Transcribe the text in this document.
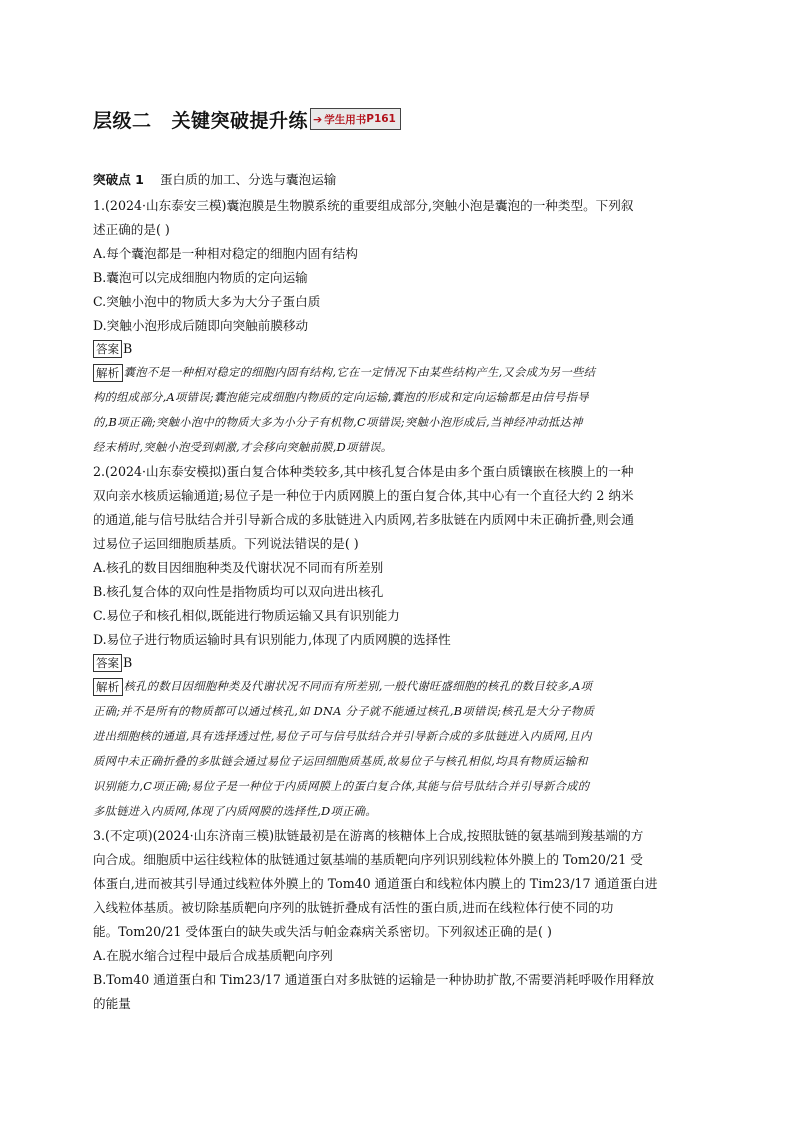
层级二 关键突破提升练 ➔ 学生用书 P161
突破点 1 蛋白质的加工、分选与囊泡运输
1.(2024·山东泰安三模)囊泡膜是生物膜系统的重要组成部分,突触小泡是囊泡的一种类型。下列叙
述正确的是( )
A.每个囊泡都是一种相对稳定的细胞内固有结构
B.囊泡可以完成细胞内物质的定向运输
C.突触小泡中的物质大多为大分子蛋白质
D.突触小泡形成后随即向突触前膜移动
答案 B
解析 囊泡不是一种相对稳定的细胞内固有结构,它在一定情况下由某些结构产生,又会成为另一些结
构的组成部分,A项错误;囊泡能完成细胞内物质的定向运输,囊泡的形成和定向运输都是由信号指导
的,B项正确;突触小泡中的物质大多为小分子有机物,C项错误;突触小泡形成后,当神经冲动抵达神
经末梢时,突触小泡受到刺激,才会移向突触前膜,D项错误。
2.(2024·山东泰安模拟)蛋白复合体种类较多,其中核孔复合体是由多个蛋白质镶嵌在核膜上的一种
双向亲水核质运输通道;易位子是一种位于内质网膜上的蛋白复合体,其中心有一个直径大约 2 纳米
的通道,能与信号肽结合并引导新合成的多肽链进入内质网,若多肽链在内质网中未正确折叠,则会通
过易位子运回细胞质基质。下列说法错误的是( )
A.核孔的数目因细胞种类及代谢状况不同而有所差别
B.核孔复合体的双向性是指物质均可以双向进出核孔
C.易位子和核孔相似,既能进行物质运输又具有识别能力
D.易位子进行物质运输时具有识别能力,体现了内质网膜的选择性
答案 B
解析 核孔的数目因细胞种类及代谢状况不同而有所差别,一般代谢旺盛细胞的核孔的数目较多,A项
正确;并不是所有的物质都可以通过核孔,如 DNA 分子就不能通过核孔,B项错误;核孔是大分子物质
进出细胞核的通道,具有选择透过性,易位子可与信号肽结合并引导新合成的多肽链进入内质网,且内
质网中未正确折叠的多肽链会通过易位子运回细胞质基质,故易位子与核孔相似,均具有物质运输和
识别能力,C项正确;易位子是一种位于内质网膜上的蛋白复合体,其能与信号肽结合并引导新合成的
多肽链进入内质网,体现了内质网膜的选择性,D项正确。
3.(不定项)(2024·山东济南三模)肽链最初是在游离的核糖体上合成,按照肽链的氨基端到羧基端的方
向合成。细胞质中运往线粒体的肽链通过氨基端的基质靶向序列识别线粒体外膜上的 Tom20/21 受
体蛋白,进而被其引导通过线粒体外膜上的 Tom40 通道蛋白和线粒体内膜上的 Tim23/17 通道蛋白进
入线粒体基质。被切除基质靶向序列的肽链折叠成有活性的蛋白质,进而在线粒体行使不同的功
能。Tom20/21 受体蛋白的缺失或失活与帕金森病关系密切。下列叙述正确的是( )
A.在脱水缩合过程中最后合成基质靶向序列
B.Tom40 通道蛋白和 Tim23/17 通道蛋白对多肽链的运输是一种协助扩散,不需要消耗呼吸作用释放
的能量
